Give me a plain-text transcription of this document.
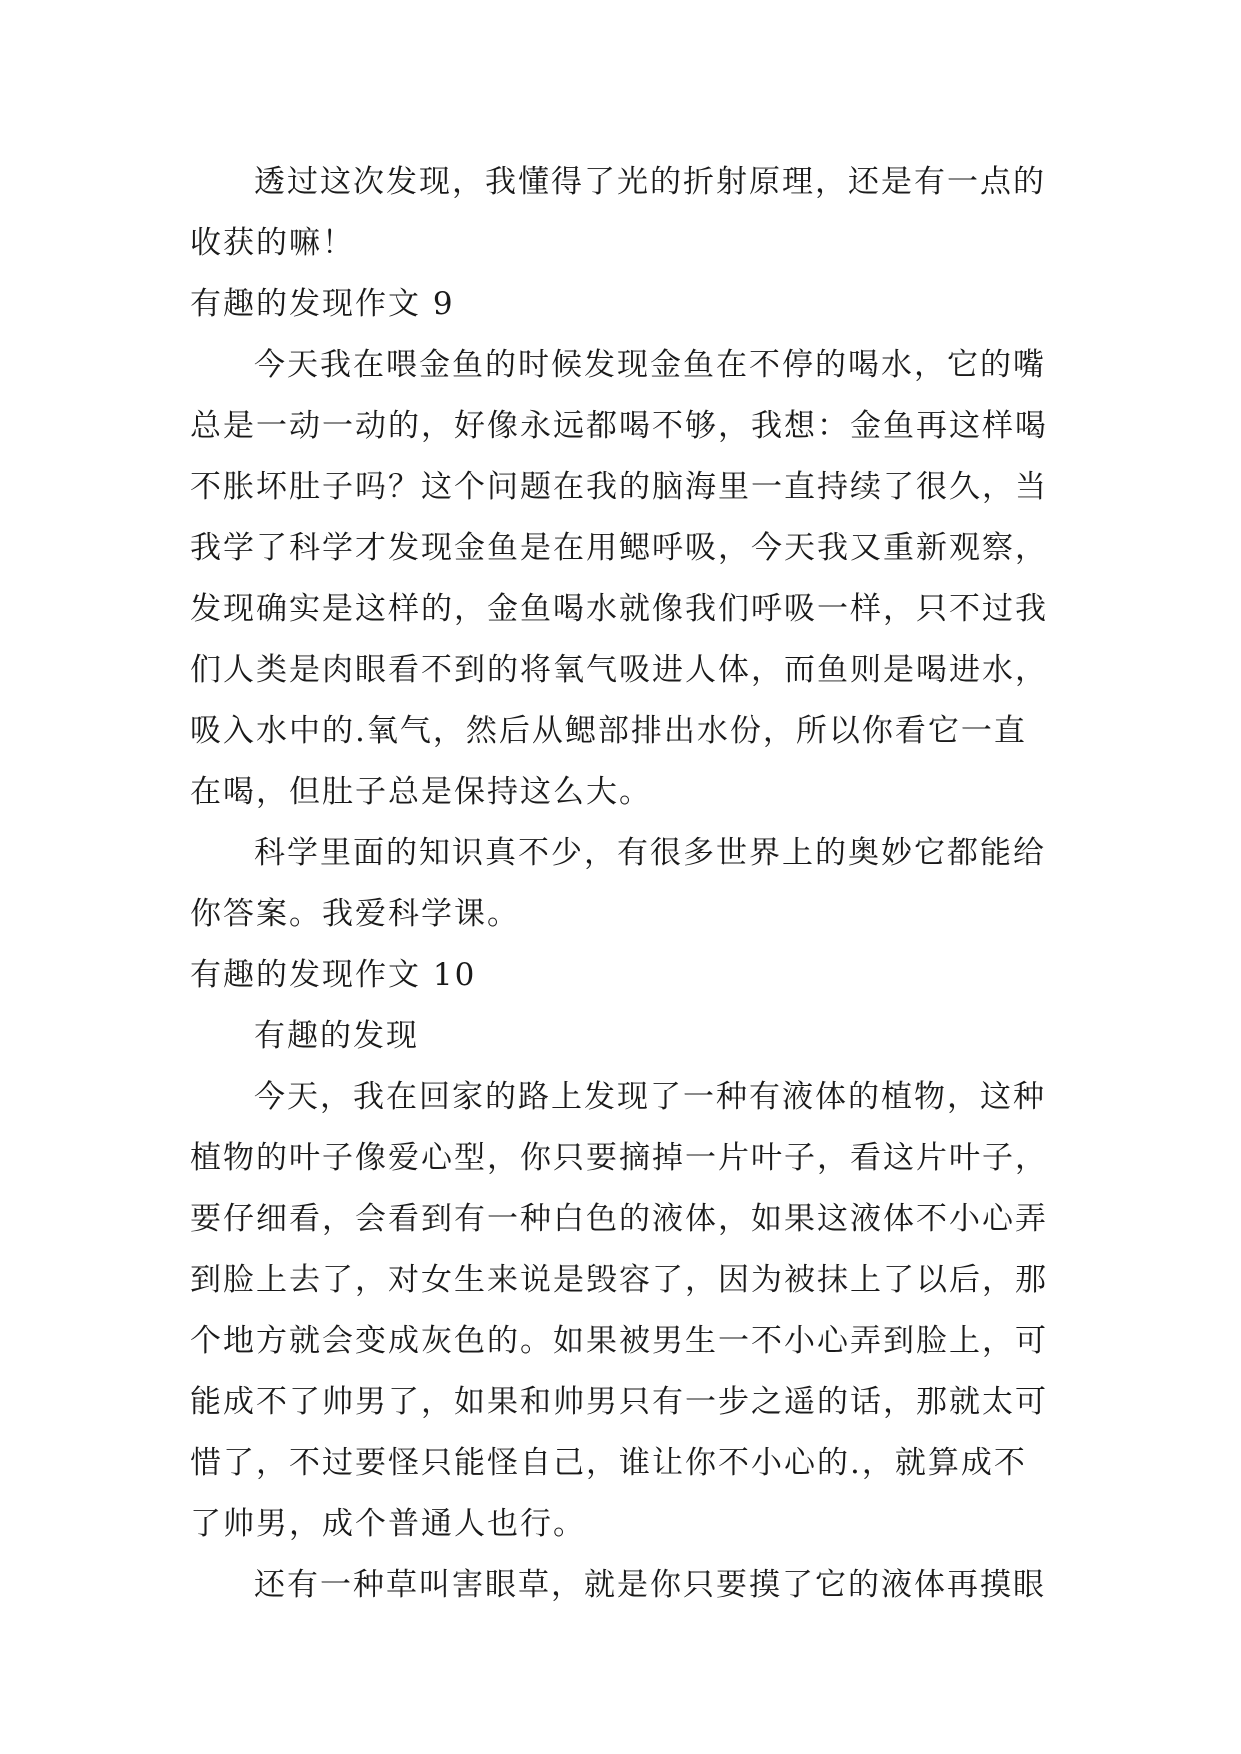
透过这次发现，我懂得了光的折射原理，还是有一点的
收获的嘛！
有趣的发现作文 9
今天我在喂金鱼的时候发现金鱼在不停的喝水，它的嘴
总是一动一动的，好像永远都喝不够，我想：金鱼再这样喝
不胀坏肚子吗？这个问题在我的脑海里一直持续了很久，当
我学了科学才发现金鱼是在用鳃呼吸，今天我又重新观察，
发现确实是这样的，金鱼喝水就像我们呼吸一样，只不过我
们人类是肉眼看不到的将氧气吸进人体，而鱼则是喝进水，
吸入水中的.氧气，然后从鳃部排出水份，所以你看它一直
在喝，但肚子总是保持这么大。
科学里面的知识真不少，有很多世界上的奥妙它都能给
你答案。我爱科学课。
有趣的发现作文 10
有趣的发现
今天，我在回家的路上发现了一种有液体的植物，这种
植物的叶子像爱心型，你只要摘掉一片叶子，看这片叶子，
要仔细看，会看到有一种白色的液体，如果这液体不小心弄
到脸上去了，对女生来说是毁容了，因为被抹上了以后，那
个地方就会变成灰色的。如果被男生一不小心弄到脸上，可
能成不了帅男了，如果和帅男只有一步之遥的话，那就太可
惜了，不过要怪只能怪自己，谁让你不小心的.，就算成不
了帅男，成个普通人也行。
还有一种草叫害眼草，就是你只要摸了它的液体再摸眼
